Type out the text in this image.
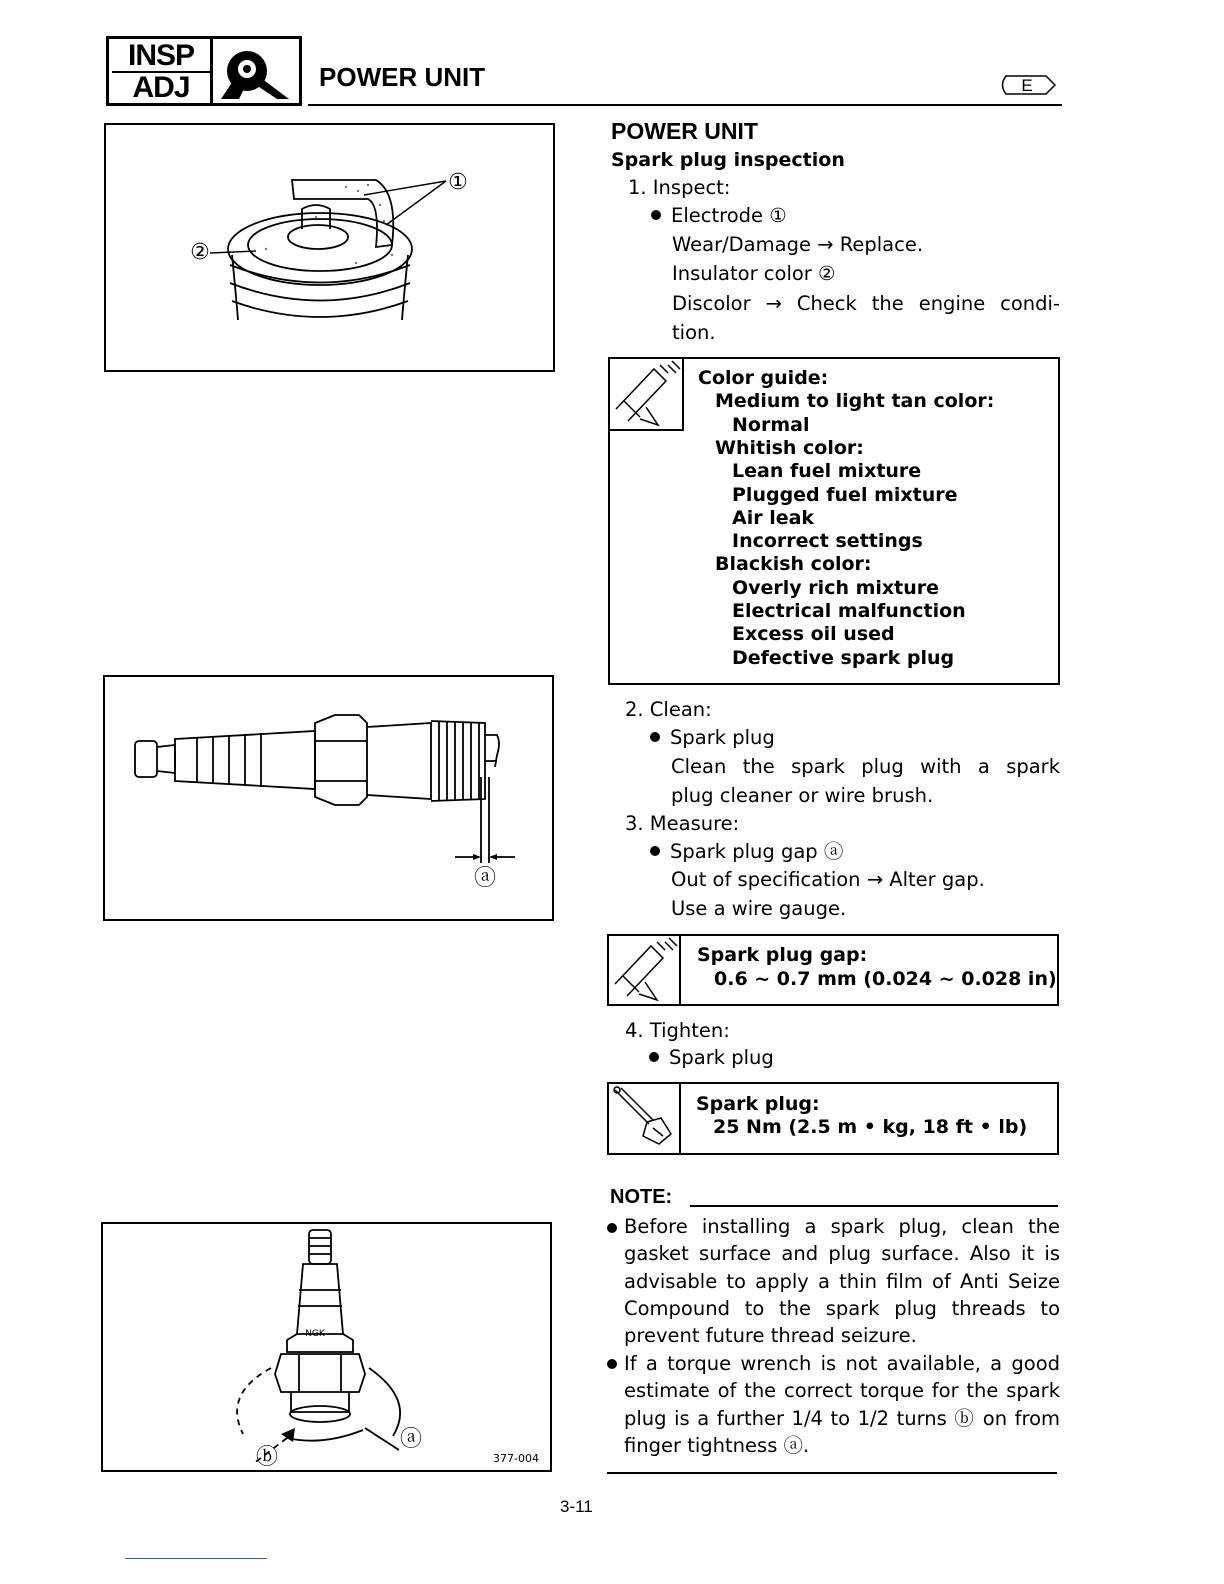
INSP
ADJ	POWER UNIT	E
①
②
ⓐ
NGK
ⓐ
ⓑ	377-004
POWER UNIT
Spark plug inspection
1. Inspect:
Electrode ①
Wear/Damage → Replace.
Insulator color ②
Discolor → Check the engine condi-
tion.
Color guide:
Medium to light tan color:
Normal
Whitish color:
Lean fuel mixture
Plugged fuel mixture
Air leak
Incorrect settings
Blackish color:
Overly rich mixture
Electrical malfunction
Excess oil used
Defective spark plug
2. Clean:
Spark plug
Clean the spark plug with a spark
plug cleaner or wire brush.
3. Measure:
Spark plug gap ⓐ
Out of specification → Alter gap.
Use a wire gauge.
Spark plug gap:
0.6 ~ 0.7 mm (0.024 ~ 0.028 in)
4. Tighten:
Spark plug
Spark plug:
25 Nm (2.5 m • kg, 18 ft • lb)
NOTE:
Before installing a spark plug, clean the gasket surface and plug surface. Also it is advisable to apply a thin film of Anti Seize Compound to the spark plug threads to prevent future thread seizure.
If a torque wrench is not available, a good estimate of the correct torque for the spark plug is a further 1/4 to 1/2 turns ⓑ on from finger tightness ⓐ.
3-11
